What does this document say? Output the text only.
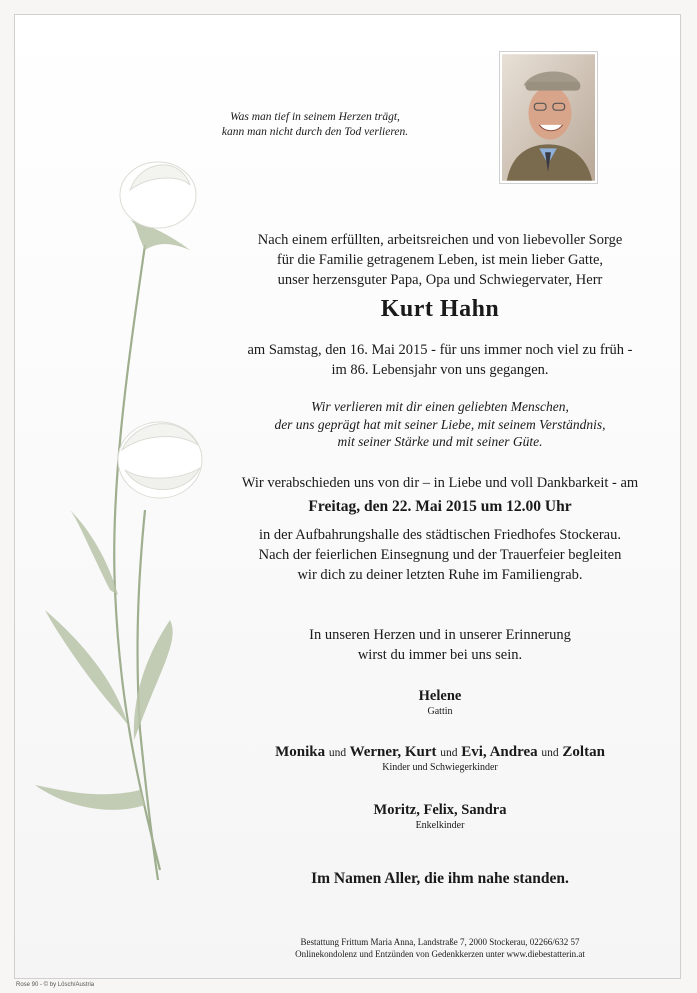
Was man tief in seinem Herzen trägt,
kann man nicht durch den Tod verlieren.
Nach einem erfüllten, arbeitsreichen und von liebevoller Sorge
für die Familie getragenem Leben, ist mein lieber Gatte,
unser herzensguter Papa, Opa und Schwiegervater, Herr
Kurt Hahn
am Samstag, den 16. Mai 2015 - für uns immer noch viel zu früh -
im 86. Lebensjahr von uns gegangen.
Wir verlieren mit dir einen geliebten Menschen,
der uns geprägt hat mit seiner Liebe, mit seinem Verständnis,
mit seiner Stärke und mit seiner Güte.
Wir verabschieden uns von dir – in Liebe und voll Dankbarkeit - am
Freitag, den 22. Mai 2015 um 12.00 Uhr
in der Aufbahrungshalle des städtischen Friedhofes Stockerau.
Nach der feierlichen Einsegnung und der Trauerfeier begleiten
wir dich zu deiner letzten Ruhe im Familiengrab.
In unseren Herzen und in unserer Erinnerung
wirst du immer bei uns sein.
Helene
Gattin
Monika und Werner, Kurt und Evi, Andrea und Zoltan
Kinder und Schwiegerkinder
Moritz, Felix, Sandra
Enkelkinder
Im Namen Aller, die ihm nahe standen.
Bestattung Frittum Maria Anna, Landstraße 7, 2000 Stockerau, 02266/632 57
Onlinekondolenz und Entzünden von Gedenkkerzen unter www.diebestatterin.at
Rose 90 - © by Lösch/Austria
